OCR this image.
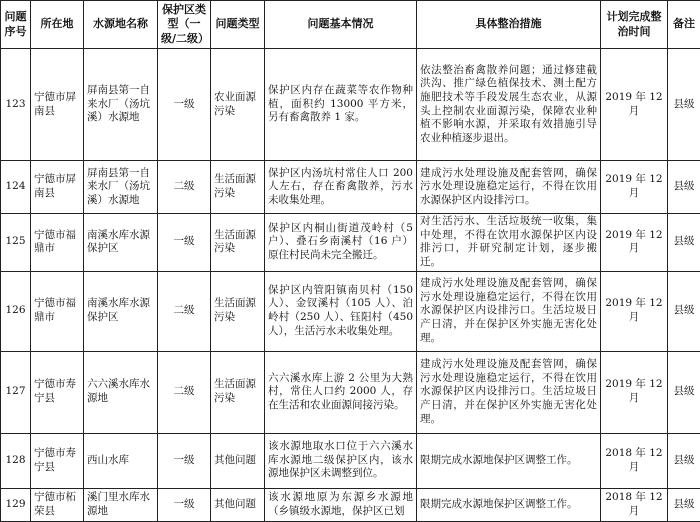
问题序号	所在地	水源地名称	保护区类型（一级/二级）	问题类型	问题基本情况	具体整治措施	计划完成整治时间	备注
123	宁德市屏南县	屏南县第一自来水厂（汤坑溪）水源地	一级	农业面源污染	保护区内存在蔬菜等农作物种植，面积约 13000 平方米，另有畜禽散养 1 家。	依法整治畜禽散养问题；通过修建截洪沟、推广绿色植保技术、测土配方施肥技术等手段发展生态农业，从源头上控制农业面源污染，保障农业种植不影响水源，并采取有效措施引导农业种植逐步退出。	2019 年 12 月	县级
124	宁德市屏南县	屏南县第一自来水厂（汤坑溪）水源地	二级	生活面源污染	保护区内汤坑村常住人口 200 人左右，存在畜禽散养，污水未收集处理。	建成污水处理设施及配套管网，确保污水处理设施稳定运行，不得在饮用水源保护区内设排污口。	2019 年 12 月	县级
125	宁德市福鼎市	南溪水库水源保护区	一级	生活面源污染	保护区内桐山街道茂岭村（5 户）、叠石乡南溪村（16 户）原住村民尚未完全搬迁。	对生活污水、生活垃圾统一收集，集中处理，不得在饮用水源保护区内设排污口，并研究制定计划，逐步搬迁。	2019 年 12 月	县级
126	宁德市福鼎市	南溪水库水源保护区	二级	生活面源污染	保护区内管阳镇南贝村（150 人）、金钗溪村（105 人）、泊岭村（250 人）、钰阳村（450 人），生活污水未收集处理。	建成污水处理设施及配套管网，确保污水处理设施稳定运行，不得在饮用水源保护区内设排污口。生活垃圾日产日清，并在保护区外实施无害化处理。	2019 年 12 月	县级
127	宁德市寿宁县	六六溪水库水源地	二级	生活面源污染	六六溪水库上游 2 公里为大熟村，常住人口约 2000 人，存在生活和农业面源间接污染。	建成污水处理设施及配套管网，确保污水处理设施稳定运行，不得在饮用水源保护区内设排污口。生活垃圾日产日清，并在保护区外实施无害化处理。	2019 年 12 月	县级
128	宁德市寿宁县	西山水库	一级	其他问题	该水源地取水口位于六六溪水库水源地二级保护区内，该水源地保护区未调整到位。	限期完成水源地保护区调整工作。	2018 年 12 月	县级
129	宁德市柘荣县	溪门里水库水源地	一级	其他问题	该水源地原为东源乡水源地（乡镇级水源地，保护区已划	限期完成水源地保护区调整工作。	2018 年 12 月	县级
